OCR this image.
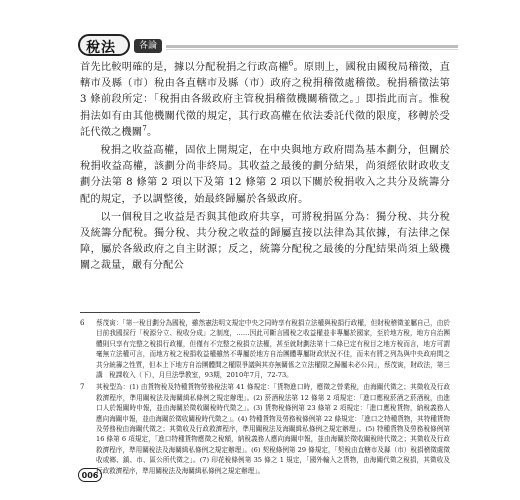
稅法	各論

首先比較明確的是，據以分配稅捐之行政高權$^6$。原則上，國稅由國稅局稽徵，直轄市及縣（市）稅由各直轄市及縣（市）政府之稅捐稽徵處稽徵。稅捐稽徵法第 3 條前段所定：「稅捐由各級政府主管稅捐稽徵機關稽徵之。」即指此而言。惟稅捐法如有由其他機關代徵的規定，其行政高權在依法委託代徵的限度，移轉於受託代徵之機關$^7$。

稅捐之收益高權，固依上開規定，在中央與地方政府間為基本劃分，但關於稅捐收益高權，該劃分尚非終局。其收益之最後的劃分結果，尚須經依財政收支劃分法第 8 條第 2 項以下及第 12 條第 2 項以下關於稅捐收入之共分及統籌分配的規定，予以調整後，始最終歸屬於各級政府。

以一個稅目之收益是否與其他政府共享，可將稅捐區分為：獨分稅、共分稅及統籌分配稅。獨分稅、共分稅之收益的歸屬直接以法律為其依據，有法律之保障，屬於各級政府之自主財源；反之，統籌分配稅之最後的分配結果尚須上級機關之裁量，嚴有分配公

6	蔡茂寅：「第一稅目劃分為國稅，雖然憲法明文規定中央之同時享有稅捐立法權與稅捐行政權，但財稅稽徵並屬自己，由於目前我國採行「稅源分立、稅收分成」之制度，……因此可斷言國稅之收益權並非專屬於國家，至於地方稅，地方自治團體則只享有完整之稅捐行政權，但僅有不完整之稅捐立法權，甚至就財劃法第十二條已定有稅目之地方稅而言，地方可謂毫無立法權可言，而地方稅之稅捐收益權雖然不專屬於地方自治團體專屬財政狀況不佳，而未有將之列為與中央政府間之共分統籌之性質，但本上下地方自治團體間之權限爭議與其亦無關係之立法權限之歸屬未必公同」，蔡茂寅，財政法，第三講　稅課收入（下），月旦法學教室，93期，2010年7月，72-73。
7	其稅型為：(1) 由貨物稅及特種貨物勞務稅法第 41 條規定：「貨物進口時，應徵之營業稅，由海關代徵之；其徵收及行政救濟程序，準用關稅法及海關緝私條例之規定辦理」。(2) 菸酒稅法第 12 條第 2 項規定：「進口應稅菸酒之菸酒稅，由進口人於報關時申報，並由海關於徵收關稅時代徵之」。(3) 貨物稅條例第 23 條第 2 項規定：「進口應稅貨物，納稅義務人應向海關申報，並由海關於徵收關稅時代徵之」。(4) 特種貨物及勞務稅條例第 22 條規定：「進口之特種貨物，其特種貨物及勞務稅由海關代徵之；其徵收及行政救濟程序，準用關稅法及海關緝私條例之規定辦理」。(5) 特種貨物及勞務稅條例第 16 條第 6 項規定，「進口特種貨物應徵之稅額，納稅義務人應向海關申報，並由海關於徵收關稅時代徵之；其徵收及行政救濟程序，準用關稅法及海關緝私條例之規定辦理」。(6) 契稅條例第 29 條規定，「契稅由直轄市及縣（市）稅捐稽徵處徵收或鄉、鎮、市、區公所代徵之」。(7) 印花稅條例第 35 條之 1 規定，「國外輸入之貨物，由海關代徵之稅捐，其徵收及行政救濟程序，準用關稅法及海關緝私條例之規定辦理」。
006
